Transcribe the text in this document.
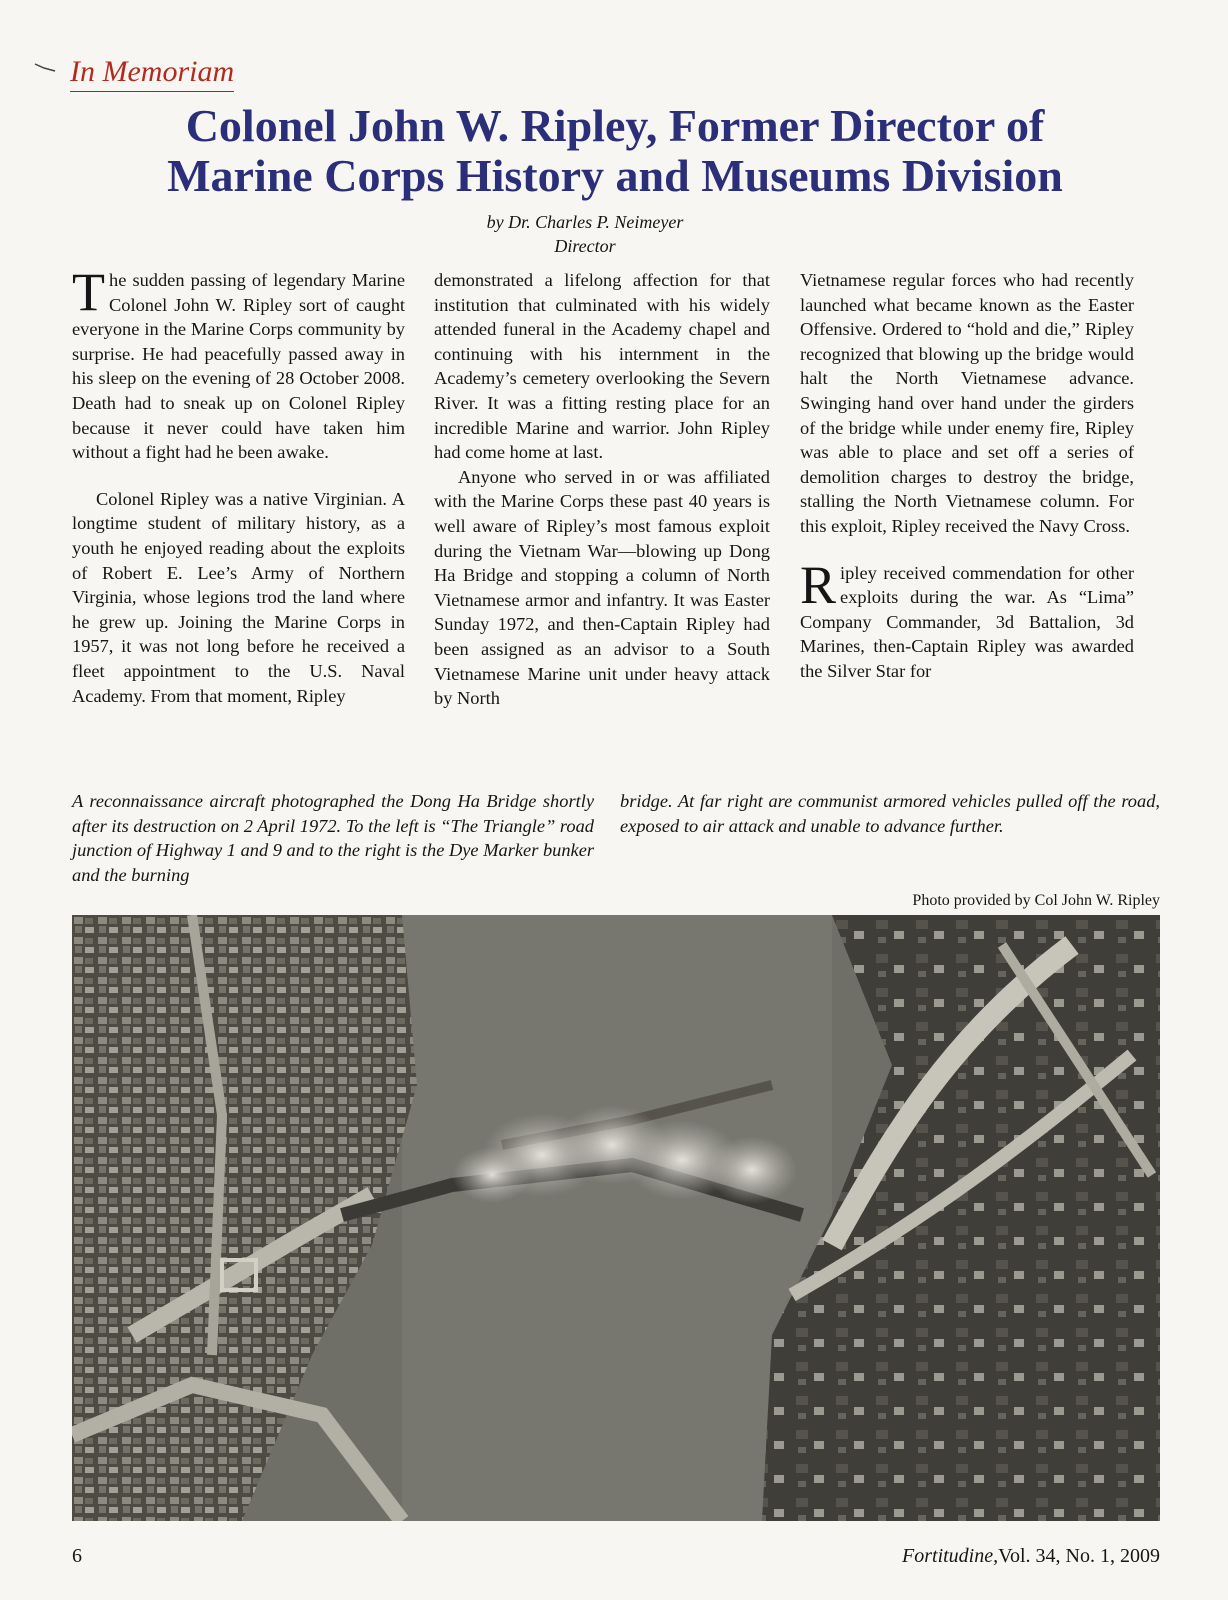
In Memoriam
Colonel John W. Ripley, Former Director of
Marine Corps History and Museums Division
by Dr. Charles P. Neimeyer
Director

The sudden passing of legendary Marine Colonel John W. Ripley sort of caught everyone in the Marine Corps community by surprise. He had peacefully passed away in his sleep on the evening of 28 October 2008. Death had to sneak up on Colonel Ripley because it never could have taken him without a fight had he been awake.

Colonel Ripley was a native Virginian. A longtime student of military history, as a youth he enjoyed reading about the exploits of Robert E. Lee’s Army of Northern Virginia, whose legions trod the land where he grew up. Joining the Marine Corps in 1957, it was not long before he received a fleet appointment to the U.S. Naval Academy. From that moment, Ripley

demonstrated a lifelong affection for that institution that culminated with his widely attended funeral in the Academy chapel and continuing with his internment in the Academy’s cemetery overlooking the Severn River. It was a fitting resting place for an incredible Marine and warrior. John Ripley had come home at last.

Anyone who served in or was affiliated with the Marine Corps these past 40 years is well aware of Ripley’s most famous exploit during the Vietnam War—blowing up Dong Ha Bridge and stopping a column of North Vietnamese armor and infantry. It was Easter Sunday 1972, and then-Captain Ripley had been assigned as an advisor to a South Vietnamese Marine unit under heavy attack by North

Vietnamese regular forces who had recently launched what became known as the Easter Offensive. Ordered to “hold and die,” Ripley recognized that blowing up the bridge would halt the North Vietnamese advance. Swinging hand over hand under the girders of the bridge while under enemy fire, Ripley was able to place and set off a series of demolition charges to destroy the bridge, stalling the North Vietnamese column. For this exploit, Ripley received the Navy Cross.

Ripley received commendation for other exploits during the war. As “Lima” Company Commander, 3d Battalion, 3d Marines, then-Captain Ripley was awarded the Silver Star for

A reconnaissance aircraft photographed the Dong Ha Bridge shortly after its destruction on 2 April 1972. To the left is “The Triangle” road junction of Highway 1 and 9 and to the right is the Dye Marker bunker and the burning
bridge. At far right are communist armored vehicles pulled off the road, exposed to air attack and unable to advance further.
Photo provided by Col John W. Ripley
6	Fortitudine,Vol. 34, No. 1, 2009
